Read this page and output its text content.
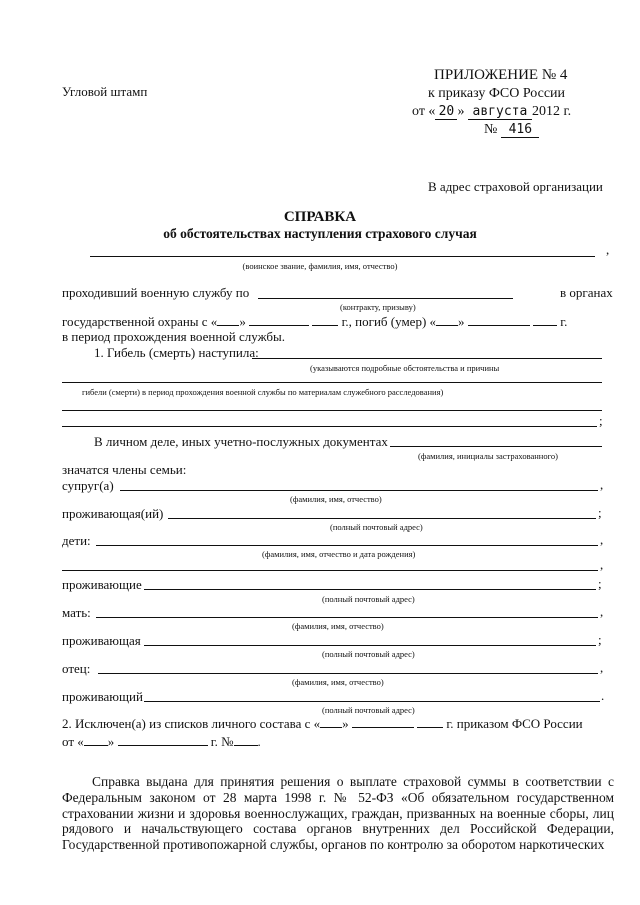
Угловой штамп
ПРИЛОЖЕНИЕ № 4
к приказу ФСО России
от « 20 » августа 2012 г.
№ 416
В адрес страховой организации
СПРАВКА
об обстоятельствах наступления страхового случая
,
(воинское звание, фамилия, имя, отчество)
проходивший военную службу по	в органах
(контракту, призыву)
государственной охраны с « »	г., погиб (умер) « »	г.
в период прохождения военной службы.
1. Гибель (смерть) наступила:
(указываются подробные обстоятельства и причины
гибели (смерти) в период прохождения военной службы по материалам служебного расследования)
;
В личном деле, иных учетно-послужных документах
(фамилия, инициалы застрахованного)
значатся члены семьи:
супруг(а)	,
(фамилия, имя, отчество)
проживающая(ий)	;
(полный почтовый адрес)
дети:	,
(фамилия, имя, отчество и дата рождения)
,
проживающие	;
(полный почтовый адрес)
мать:	,
(фамилия, имя, отчество)
проживающая	;
(полный почтовый адрес)
отец:	,
(фамилия, имя, отчество)
проживающий	.
(полный почтовый адрес)
2. Исключен(а) из списков личного состава с « »	г. приказом ФСО России
от « »	г. № .
Справка выдана для принятия решения о выплате страховой суммы в соответствии с Федеральным законом от 28 марта 1998 г. № 52-ФЗ «Об обязательном государственном страховании жизни и здоровья военнослужащих, граждан, призванных на военные сборы, лиц рядового и начальствующего состава органов внутренних дел Российской Федерации, Государственной противопожарной службы, органов по контролю за оборотом наркотических
